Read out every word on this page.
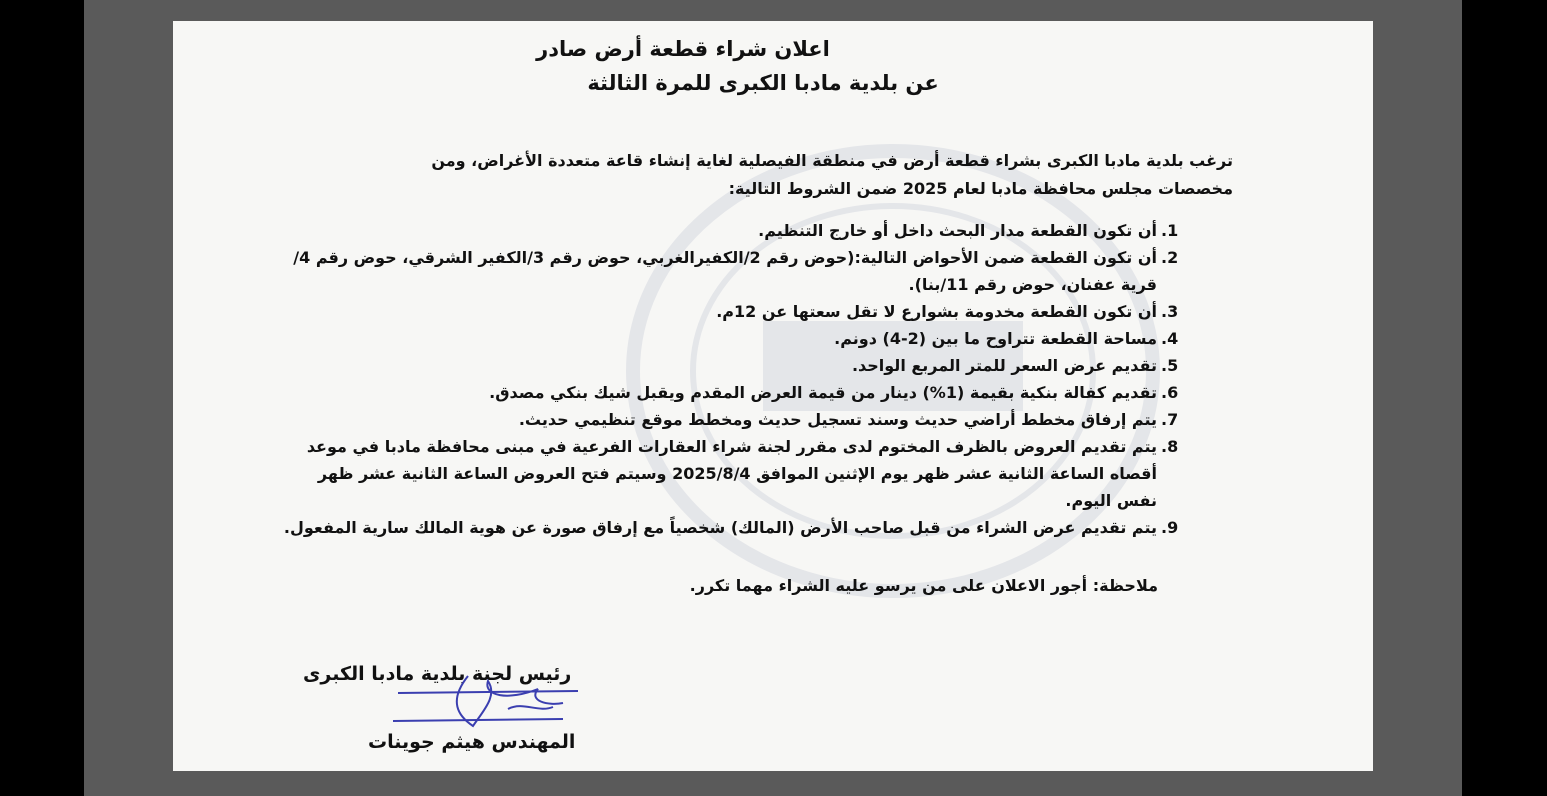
اعلان شراء قطعة أرض صادر
عن بلدية مادبا الكبرى للمرة الثالثة

ترغب بلدية مادبا الكبرى بشراء قطعة أرض في منطقة الفيصلية لغاية إنشاء قاعة متعددة الأغراض، ومن

مخصصات مجلس محافظة مادبا لعام 2025 ضمن الشروط التالية:

1.
أن تكون القطعة مدار البحث داخل أو خارج التنظيم.
2.
أن تكون القطعة ضمن الأحواض التالية:(حوض رقم 2/الكفيرالغربي، حوض رقم 3/الكفير الشرقي، حوض رقم 4/قرية عفنان، حوض رقم 11/بنا).
3.
أن تكون القطعة مخدومة بشوارع لا تقل سعتها عن 12م.
4.
مساحة القطعة تتراوح ما بين (2-4) دونم.
5.
تقديم عرض السعر للمتر المربع الواحد.
6.
تقديم كفالة بنكية بقيمة (1%) دينار من قيمة العرض المقدم ويقبل شيك بنكي مصدق.
7.
يتم إرفاق مخطط أراضي حديث وسند تسجيل حديث ومخطط موقع تنظيمي حديث.
8.
يتم تقديم العروض بالظرف المختوم لدى مقرر لجنة شراء العقارات الفرعية في مبنى محافظة مادبا في موعد أقصاه الساعة الثانية عشر ظهر يوم الإثنين الموافق 2025/8/4 وسيتم فتح العروض الساعة الثانية عشر ظهر نفس اليوم.
9.
يتم تقديم عرض الشراء من قبل صاحب الأرض (المالك) شخصياً مع إرفاق صورة عن هوية المالك سارية المفعول.
ملاحظة: أجور الاعلان على من يرسو عليه الشراء مهما تكرر.
رئيس لجنة بلدية مادبا الكبرى
المهندس هيثم جوينات
